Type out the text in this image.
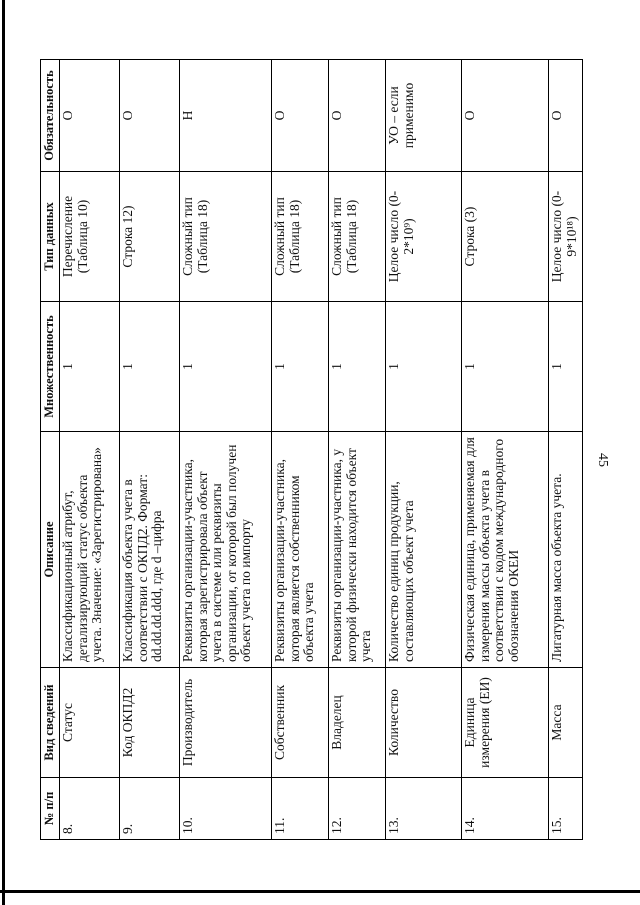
45
№ п/п	Вид сведений	Описание	Множественность	Тип данных	Обязательность
8.	Статус	Классификационный атрибут, детализирующий статус объекта учета. Значение: «Зарегистрирована»	1	Перечисление (Таблица 10)	О
9.	Код ОКПД2	Классификация объекта учета в соответствии с ОКПД2. Формат: dd.dd.dd.ddd, где d –цифра	1	Строка 12)	О
10.	Производитель	Реквизиты организации-участника, которая зарегистрировала объект учета в системе или реквизиты организации, от которой был получен объект учета по импорту	1	Сложный тип (Таблица 18)	Н
11.	Собственник	Реквизиты организации-участника, которая является собственником объекта учета	1	Сложный тип (Таблица 18)	О
12.	Владелец	Реквизиты организации-участника, у которой физически находится объект учета	1	Сложный тип (Таблица 18)	О
13.	Количество	Количество единиц продукции, составляющих объект учета	1	Целое число (0-2*10⁹)	УО – если применимо
14.	Единица измерения (ЕИ)	Физическая единица, применяемая для измерения массы объекта учета в соответствии с кодом международного обозначения ОКЕИ	1	Строка (3)	О
15.	Масса	Лигатурная масса объекта учета.	1	Целое число (0-9*10¹⁸)	О
